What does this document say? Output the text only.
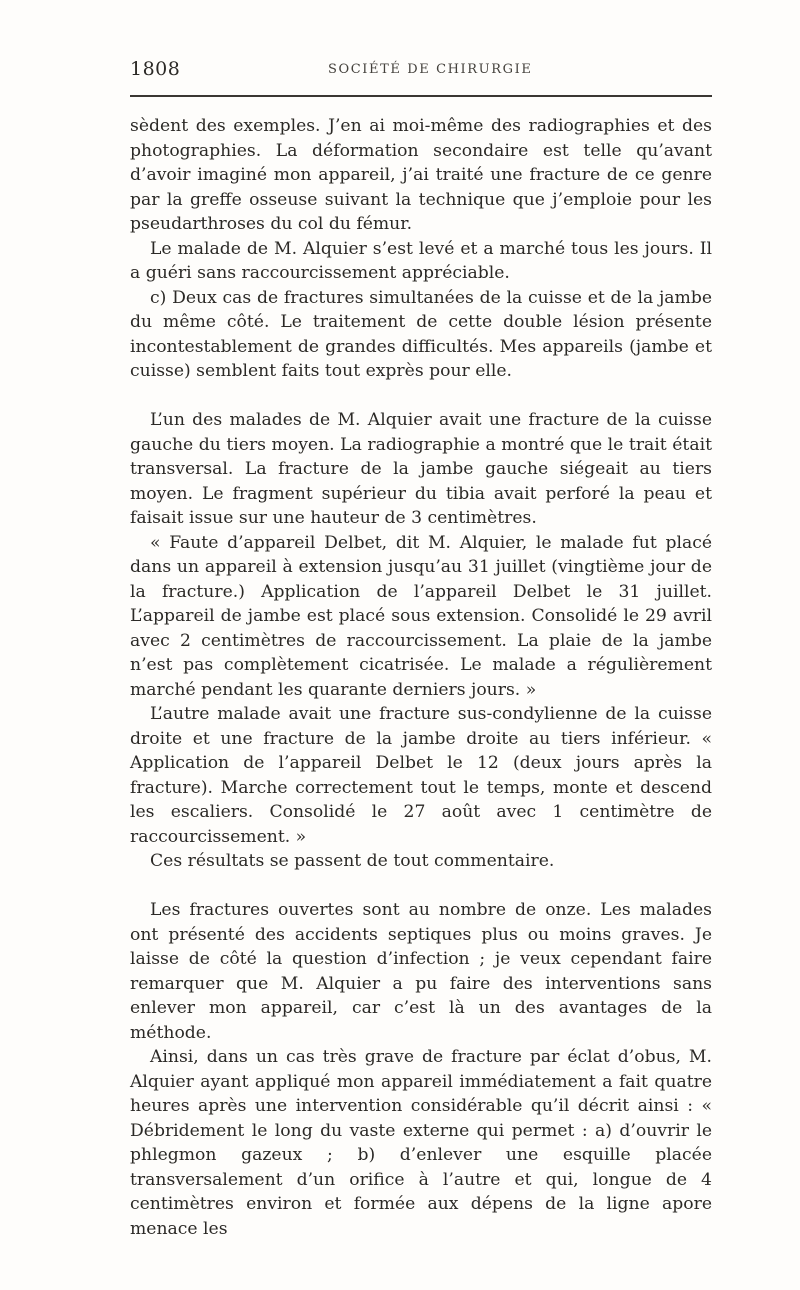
1808	SOCIÉTÉ DE CHIRURGIE

sèdent des exemples. J’en ai moi-même des radiographies et des photographies. La déformation secondaire est telle qu’avant d’avoir imaginé mon appareil, j’ai traité une fracture de ce genre par la greffe osseuse suivant la technique que j’emploie pour les pseudarthroses du col du fémur.

Le malade de M. Alquier s’est levé et a marché tous les jours. Il a guéri sans raccourcissement appréciable.

c) Deux cas de fractures simultanées de la cuisse et de la jambe du même côté. Le traitement de cette double lésion présente incontestablement de grandes difficultés. Mes appareils (jambe et cuisse) semblent faits tout exprès pour elle.

L’un des malades de M. Alquier avait une fracture de la cuisse gauche du tiers moyen. La radiographie a montré que le trait était transversal. La fracture de la jambe gauche siégeait au tiers moyen. Le fragment supérieur du tibia avait perforé la peau et faisait issue sur une hauteur de 3 centimètres.

« Faute d’appareil Delbet, dit M. Alquier, le malade fut placé dans un appareil à extension jusqu’au 31 juillet (vingtième jour de la fracture.) Application de l’appareil Delbet le 31 juillet. L’appareil de jambe est placé sous extension. Consolidé le 29 avril avec 2 centimètres de raccourcissement. La plaie de la jambe n’est pas complètement cicatrisée. Le malade a régulièrement marché pendant les quarante derniers jours. »

L’autre malade avait une fracture sus-condylienne de la cuisse droite et une fracture de la jambe droite au tiers inférieur. « Application de l’appareil Delbet le 12 (deux jours après la fracture). Marche correctement tout le temps, monte et descend les escaliers. Consolidé le 27 août avec 1 centimètre de raccourcissement. »

Ces résultats se passent de tout commentaire.

Les fractures ouvertes sont au nombre de onze. Les malades ont présenté des accidents septiques plus ou moins graves. Je laisse de côté la question d’infection ; je veux cependant faire remarquer que M. Alquier a pu faire des interventions sans enlever mon appareil, car c’est là un des avantages de la méthode.

Ainsi, dans un cas très grave de fracture par éclat d’obus, M. Alquier ayant appliqué mon appareil immédiatement a fait quatre heures après une intervention considérable qu’il décrit ainsi : « Débridement le long du vaste externe qui permet : a) d’ouvrir le phlegmon gazeux ; b) d’enlever une esquille placée transversalement d’un orifice à l’autre et qui, longue de 4 centimètres environ et formée aux dépens de la ligne apore menace les
